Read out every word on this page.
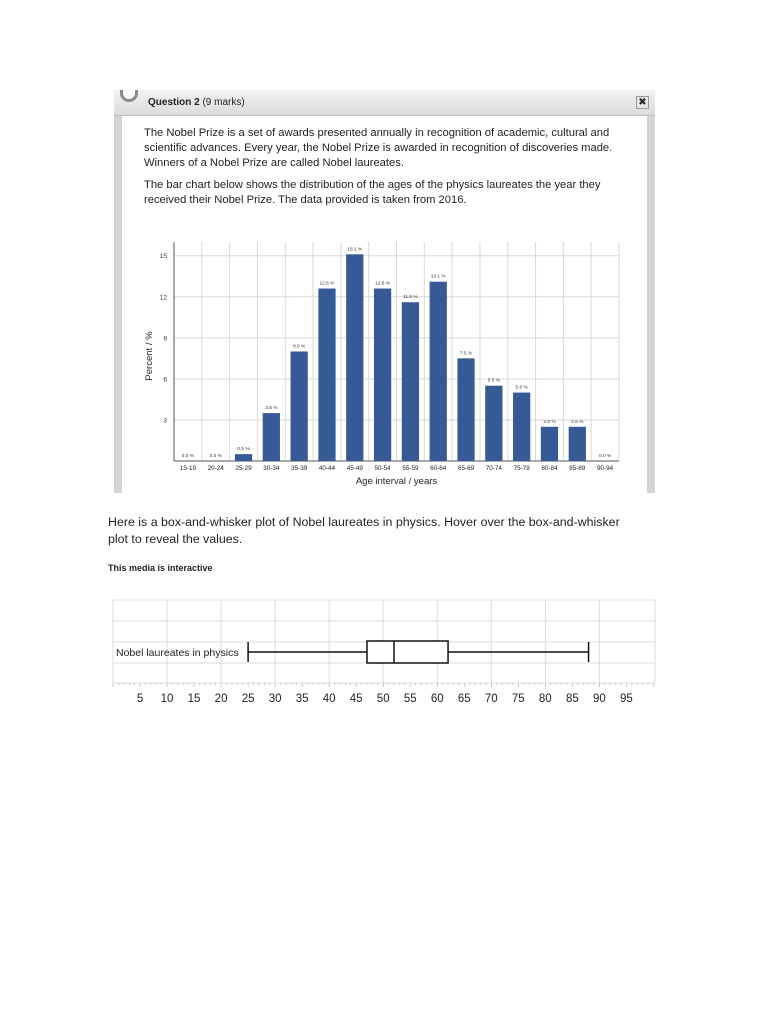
Question 2 (9 marks)	✖

The Nobel Prize is a set of awards presented annually in recognition of academic, cultural and scientific advances. Every year, the Nobel Prize is awarded in recognition of discoveries made. Winners of a Nobel Prize are called Nobel laureates.

The bar chart below shows the distribution of the ages of the physics laureates the year they received their Nobel Prize. The data provided is taken from 2016.

3
6
9
12
15
0.0 %
15-19
0.0 %
20-24
0.5 %
25-29
3.5 %
30-34
8.0 %
35-39
12.6 %
40-44
15.1 %
45-49
12.6 %
50-54
11.6 %
55-59
13.1 %
60-64
7.5 %
65-69
5.5 %
70-74
5.0 %
75-79
2.5 %
80-84
2.5 %
85-89
0.0 %
90-94
Age interval / years
Percent / %

Here is a box-and-whisker plot of Nobel laureates in physics. Hover over the box-and-whisker plot to reveal the values.

This media is interactive
Nobel laureates in physics
5 10 15 20 25 30 35 40 45 50 55 60 65 70 75 80 85 90 95
